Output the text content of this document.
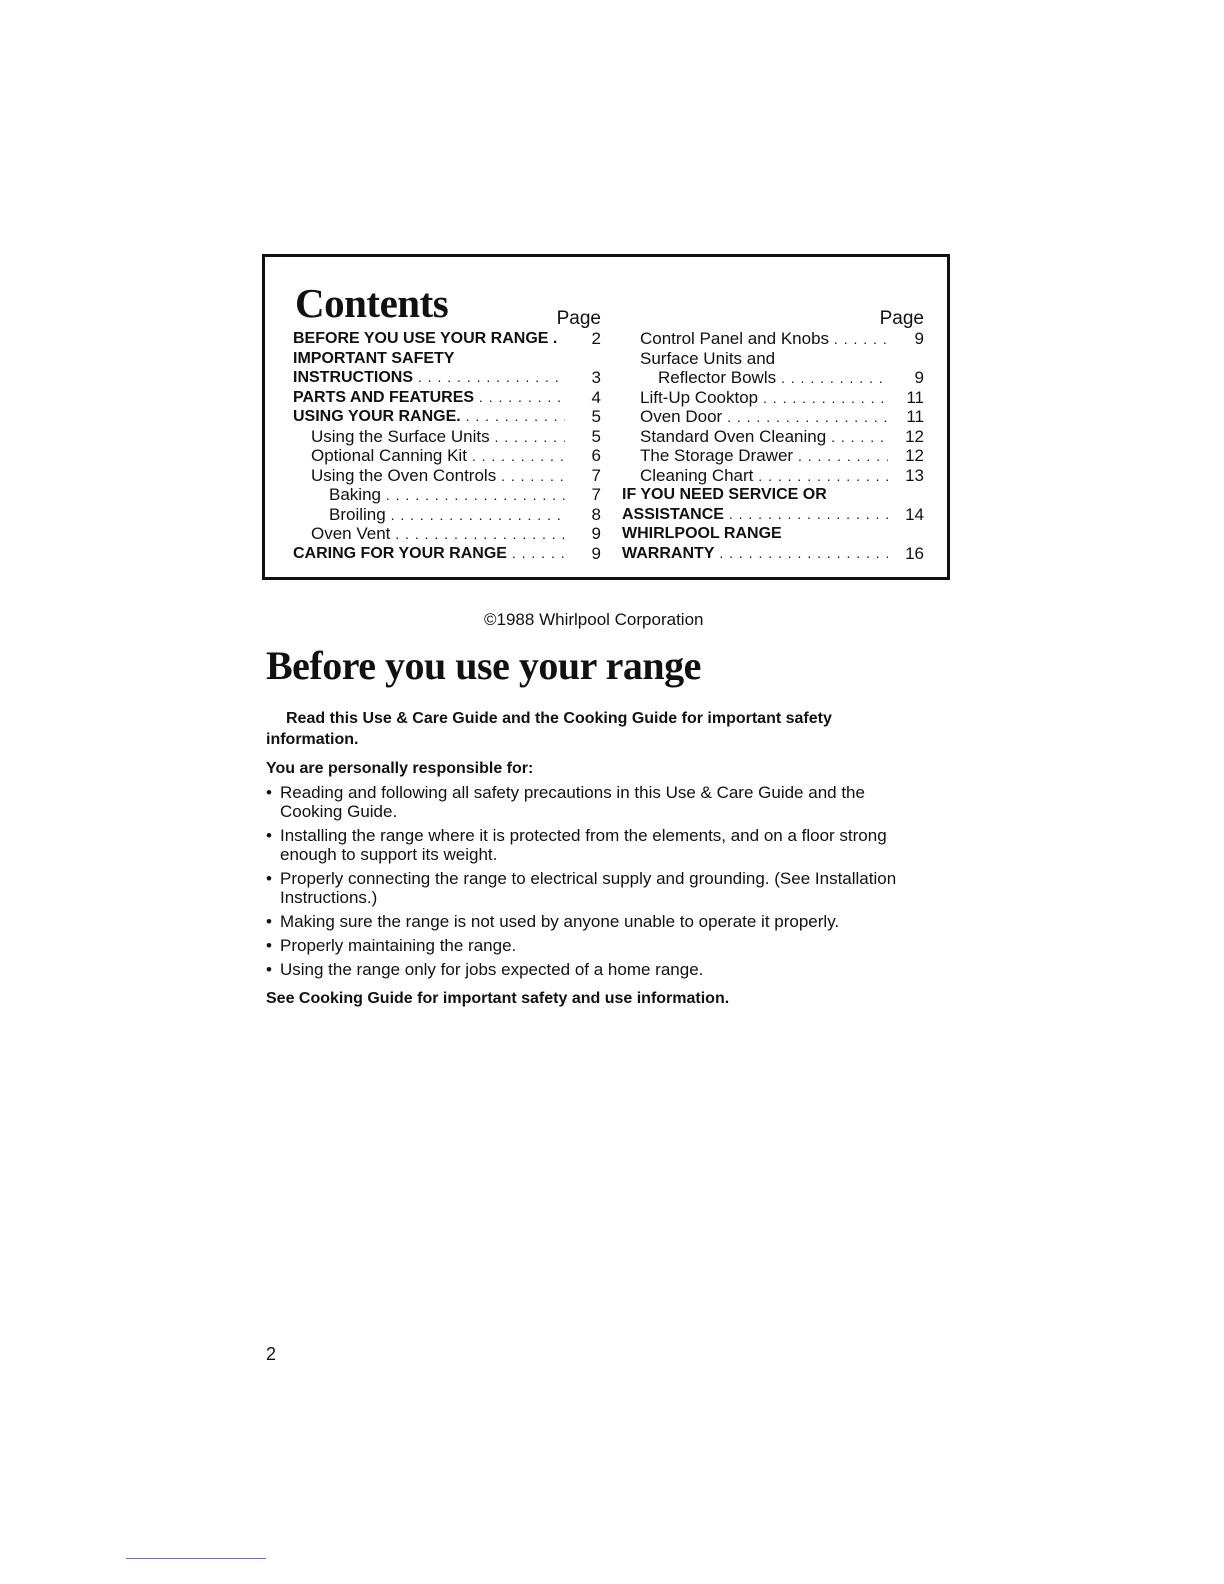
Contents	Page
BEFORE YOU USE YOUR RANGE .	2
IMPORTANT SAFETY
INSTRUCTIONS . . .	3
PARTS AND FEATURES . . .	4
USING YOUR RANGE. . . .	5
Using the Surface Units . . .	5
Optional Canning Kit . . .	6
Using the Oven Controls . . .	7
Baking . . .	7
Broiling . . .	8
Oven Vent . . .	9
CARING FOR YOUR RANGE . . .	9
Page
Control Panel and Knobs . . .	9
Surface Units and
Reflector Bowls . . .	9
Lift-Up Cooktop . . .	11
Oven Door . . .	11
Standard Oven Cleaning . . .	12
The Storage Drawer . . .	12
Cleaning Chart . . .	13
IF YOU NEED SERVICE OR
ASSISTANCE . . .	14
WHIRLPOOL RANGE
WARRANTY . . .	16
©1988 Whirlpool Corporation
Before you use your range

Read this Use & Care Guide and the Cooking Guide for important safety information.

You are personally responsible for:

• Reading and following all safety precautions in this Use & Care Guide and the Cooking Guide.
• Installing the range where it is protected from the elements, and on a floor strong enough to support its weight.
• Properly connecting the range to electrical supply and grounding. (See Installation Instructions.)
• Making sure the range is not used by anyone unable to operate it properly.
• Properly maintaining the range.
• Using the range only for jobs expected of a home range.

See Cooking Guide for important safety and use information.

2
